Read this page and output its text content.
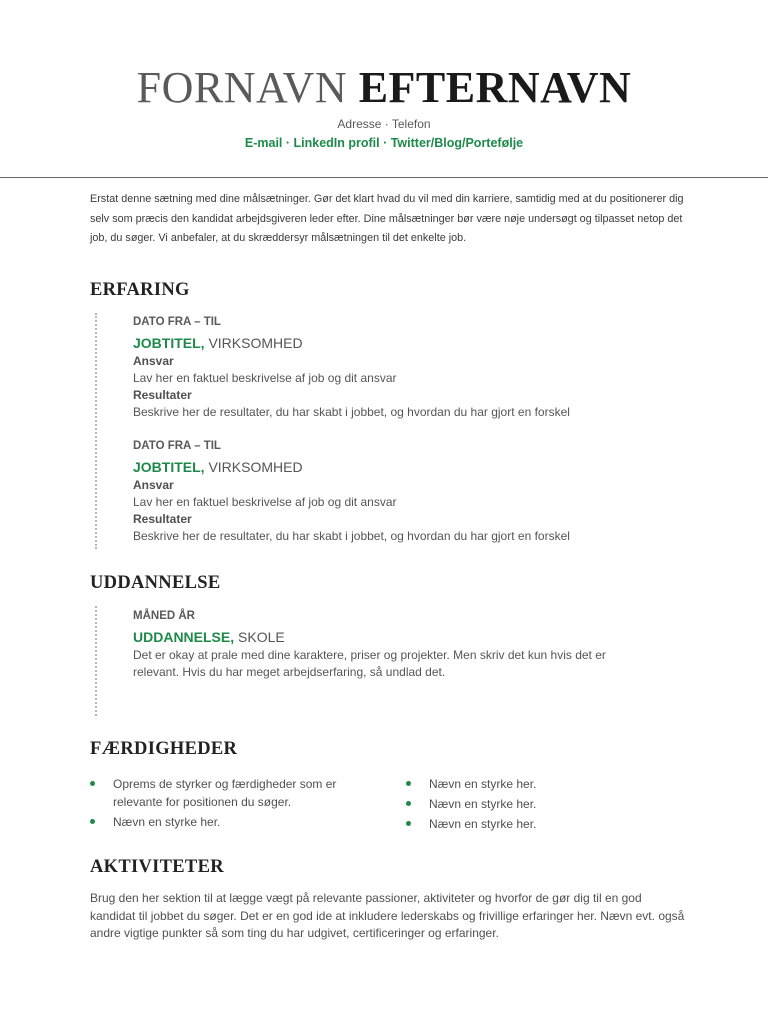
FORNAVN EFTERNAVN
Adresse · Telefon
E-mail · LinkedIn profil · Twitter/Blog/Portefølje
Erstat denne sætning med dine målsætninger. Gør det klart hvad du vil med din karriere, samtidig med at du positionerer dig selv som præcis den kandidat arbejdsgiveren leder efter. Dine målsætninger bør være nøje undersøgt og tilpasset netop det job, du søger. Vi anbefaler, at du skræddersyr målsætningen til det enkelte job.
ERFARING
DATO FRA – TIL
JOBTITEL, VIRKSOMHED
Ansvar
Lav her en faktuel beskrivelse af job og dit ansvar
Resultater
Beskrive her de resultater, du har skabt i jobbet, og hvordan du har gjort en forskel
DATO FRA – TIL
JOBTITEL, VIRKSOMHED
Ansvar
Lav her en faktuel beskrivelse af job og dit ansvar
Resultater
Beskrive her de resultater, du har skabt i jobbet, og hvordan du har gjort en forskel
UDDANNELSE
MÅNED ÅR
UDDANNELSE, SKOLE
Det er okay at prale med dine karaktere, priser og projekter. Men skriv det kun hvis det er relevant. Hvis du har meget arbejdserfaring, så undlad det.
FÆRDIGHEDER
Oprems de styrker og færdigheder som er relevante for positionen du søger.
Nævn en styrke her.
Nævn en styrke her.
Nævn en styrke her.
Nævn en styrke her.
AKTIVITETER
Brug den her sektion til at lægge vægt på relevante passioner, aktiviteter og hvorfor de gør dig til en god kandidat til jobbet du søger. Det er en god ide at inkludere lederskabs og frivillige erfaringer her. Nævn evt. også andre vigtige punkter så som ting du har udgivet, certificeringer og erfaringer.
